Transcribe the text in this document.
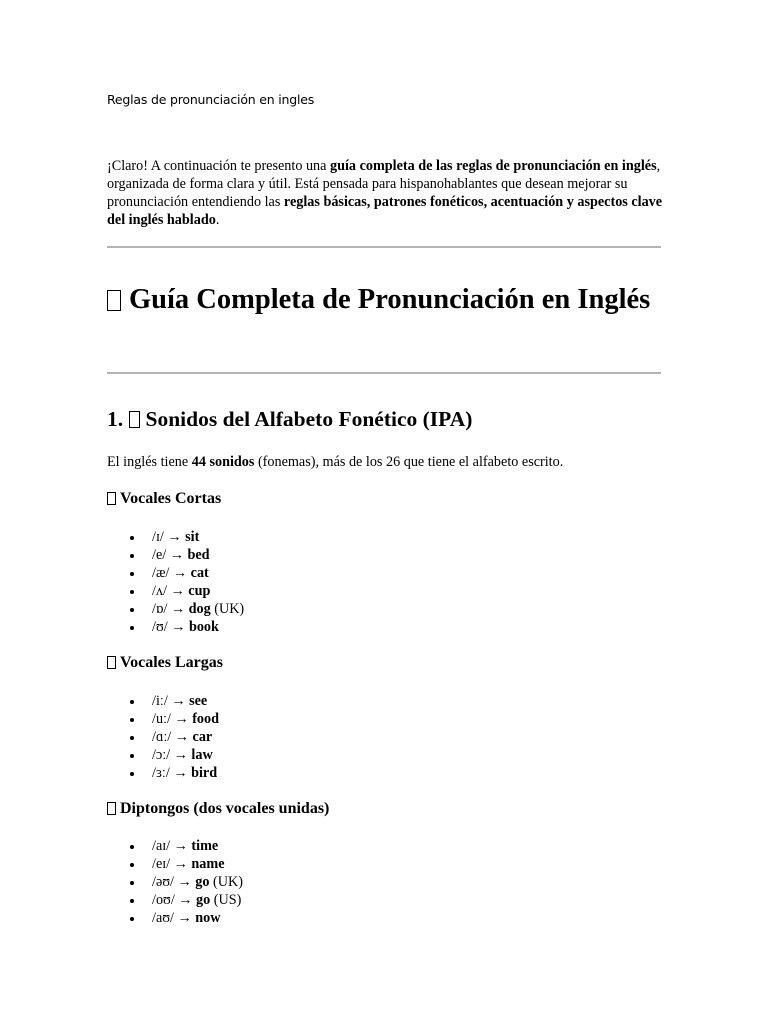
Reglas de pronunciación en ingles
¡Claro! A continuación te presento una guía completa de las reglas de pronunciación en inglés, organizada de forma clara y útil. Está pensada para hispanohablantes que desean mejorar su pronunciación entendiendo las reglas básicas, patrones fonéticos, acentuación y aspectos clave del inglés hablado.
Guía Completa de Pronunciación en Inglés
1. Sonidos del Alfabeto Fonético (IPA)
El inglés tiene 44 sonidos (fonemas), más de los 26 que tiene el alfabeto escrito.
Vocales Cortas
/ɪ/ → sit
/e/ → bed
/æ/ → cat
/ʌ/ → cup
/ɒ/ → dog (UK)
/ʊ/ → book
Vocales Largas
/iː/ → see
/uː/ → food
/ɑː/ → car
/ɔː/ → law
/ɜː/ → bird
Diptongos (dos vocales unidas)
/aɪ/ → time
/eɪ/ → name
/əʊ/ → go (UK)
/oʊ/ → go (US)
/aʊ/ → now
